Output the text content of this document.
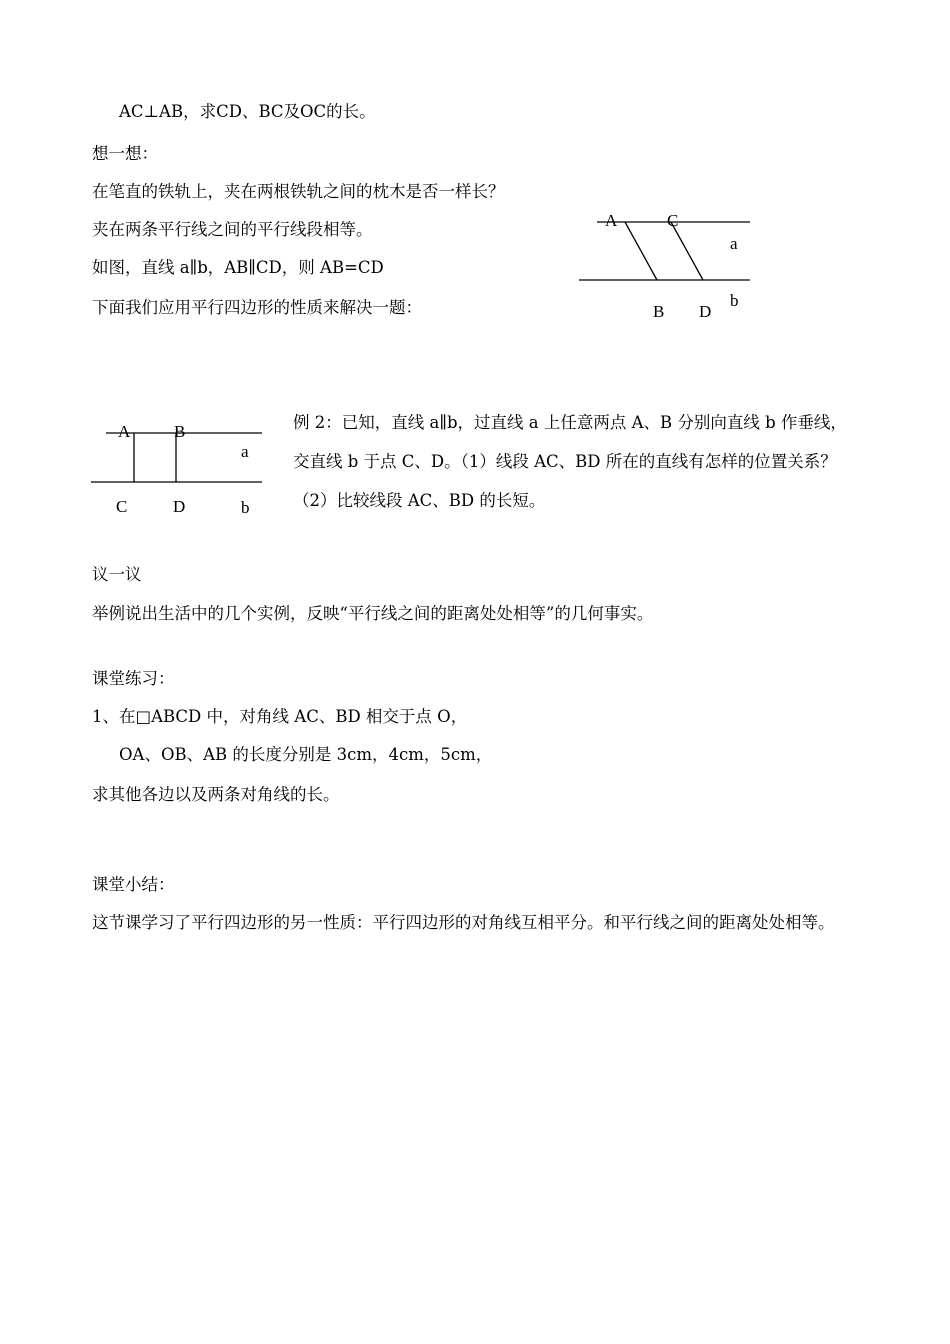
AC⊥AB，求CD、BC及OC的长。
想一想：
在笔直的铁轨上，夹在两根铁轨之间的枕木是否一样长？
夹在两条平行线之间的平行线段相等。
如图，直线 a∥b，AB∥CD，则 AB=CD
下面我们应用平行四边形的性质来解决一题：
A	C
a
B D
b
A	B
a
C	D	b
例 2：已知，直线 a∥b，过直线 a 上任意两点 A、B 分别向直线 b 作垂线，交直线 b 于点 C、D。（1）线段 AC、BD 所在的直线有怎样的位置关系？（2）比较线段 AC、BD 的长短。
议一议
举例说出生活中的几个实例，反映“平行线之间的距离处处相等”的几何事实。
课堂练习：
1、在□ABCD 中，对角线 AC、BD 相交于点 O，
OA、OB、AB 的长度分别是 3cm，4cm，5cm，
求其他各边以及两条对角线的长。
课堂小结：
这节课学习了平行四边形的另一性质：平行四边形的对角线互相平分。和平行线之间的距离处处相等。
